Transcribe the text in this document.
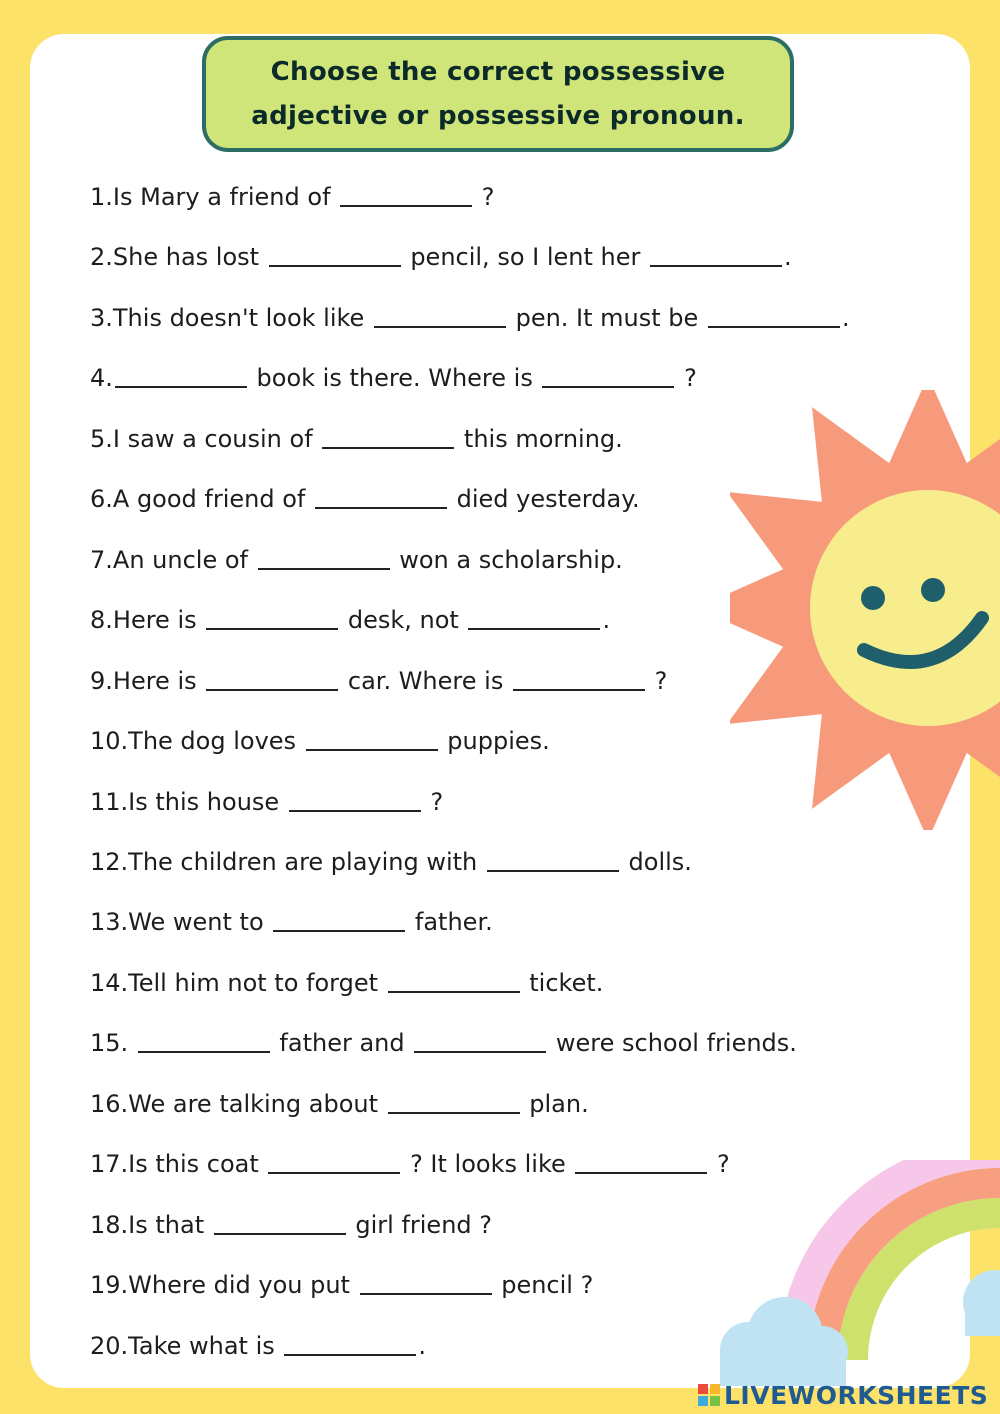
Choose the correct possessive
adjective or possessive pronoun.
1.Is Mary a friend of	?
2.She has lost	pencil, so I lent her	.
3.This doesn't look like	pen. It must be	.
4.	book is there. Where is	?
5.I saw a cousin of	this morning.
6.A good friend of	died yesterday.
7.An uncle of	won a scholarship.
8.Here is	desk, not	.
9.Here is	car. Where is	?
10.The dog loves	puppies.
11.Is this house	?
12.The children are playing with	dolls.
13.We went to	father.
14.Tell him not to forget	ticket.
15.	father and	were school friends.
16.We are talking about	plan.
17.Is this coat	? It looks like	?
18.Is that	girl friend ?
19.Where did you put	pencil ?
20.Take what is	.
LIVEWORKSHEETS
